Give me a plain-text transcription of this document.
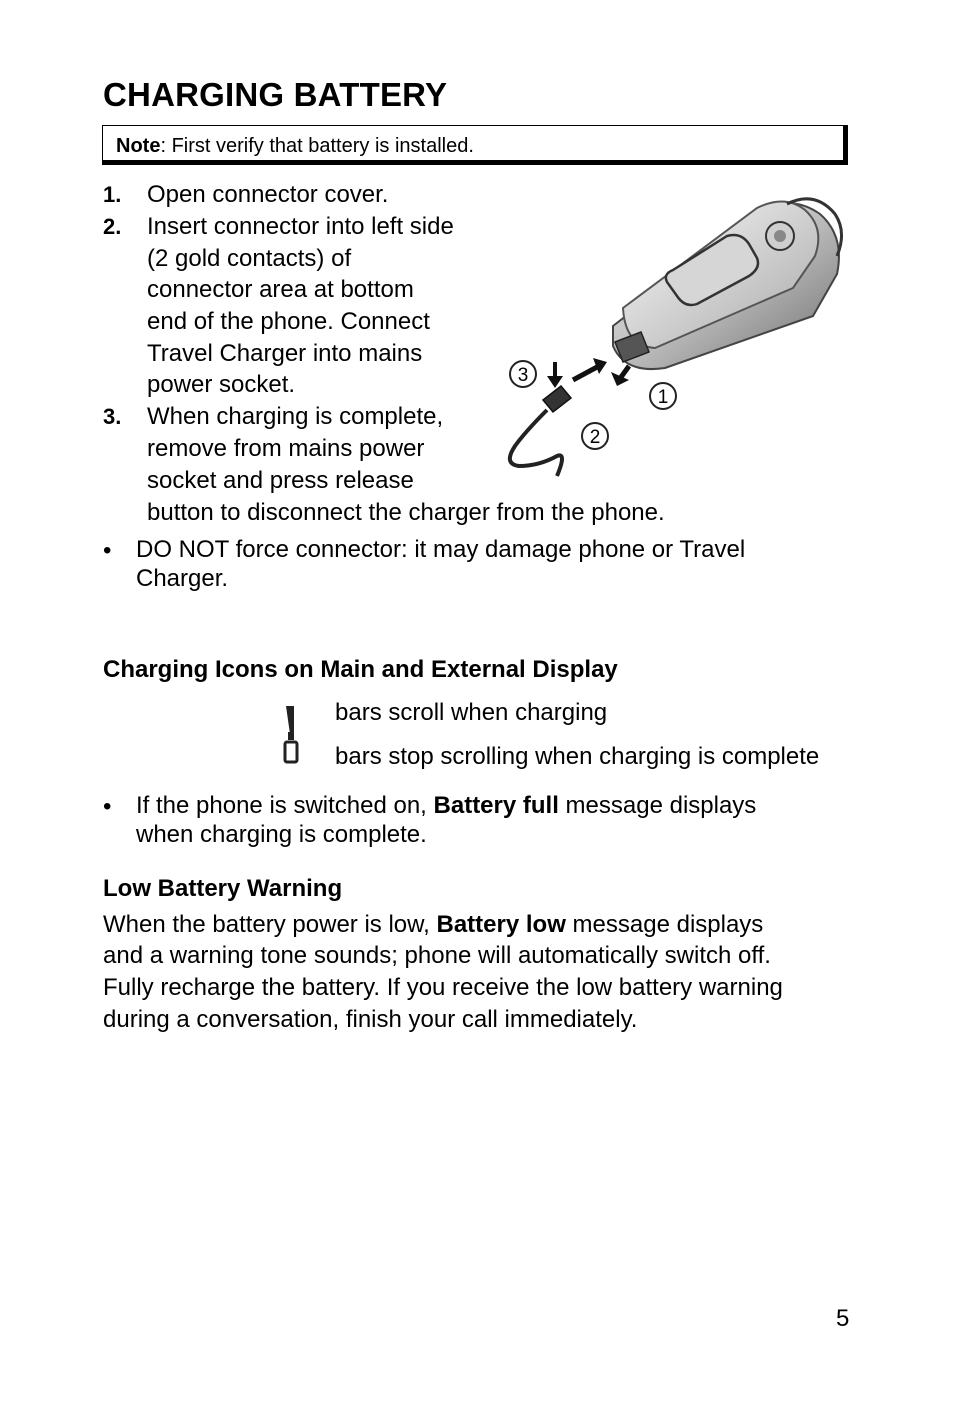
CHARGING BATTERY
Note: First verify that battery is installed.
1. Open connector cover.
2. Insert connector into left side
(2 gold contacts) of
connector area at bottom
end of the phone. Connect
Travel Charger into mains
power socket.
3. When charging is complete,
remove from mains power
socket and press release
button to disconnect the charger from the phone.
3
1
2
• DO NOT force connector: it may damage phone or Travel
Charger.
Charging Icons on Main and External Display
bars scroll when charging
bars stop scrolling when charging is complete
• If the phone is switched on, Battery full message displays
when charging is complete.
Low Battery Warning
When the battery power is low, Battery low message displays
and a warning tone sounds; phone will automatically switch off.
Fully recharge the battery. If you receive the low battery warning
during a conversation, finish your call immediately.
5
